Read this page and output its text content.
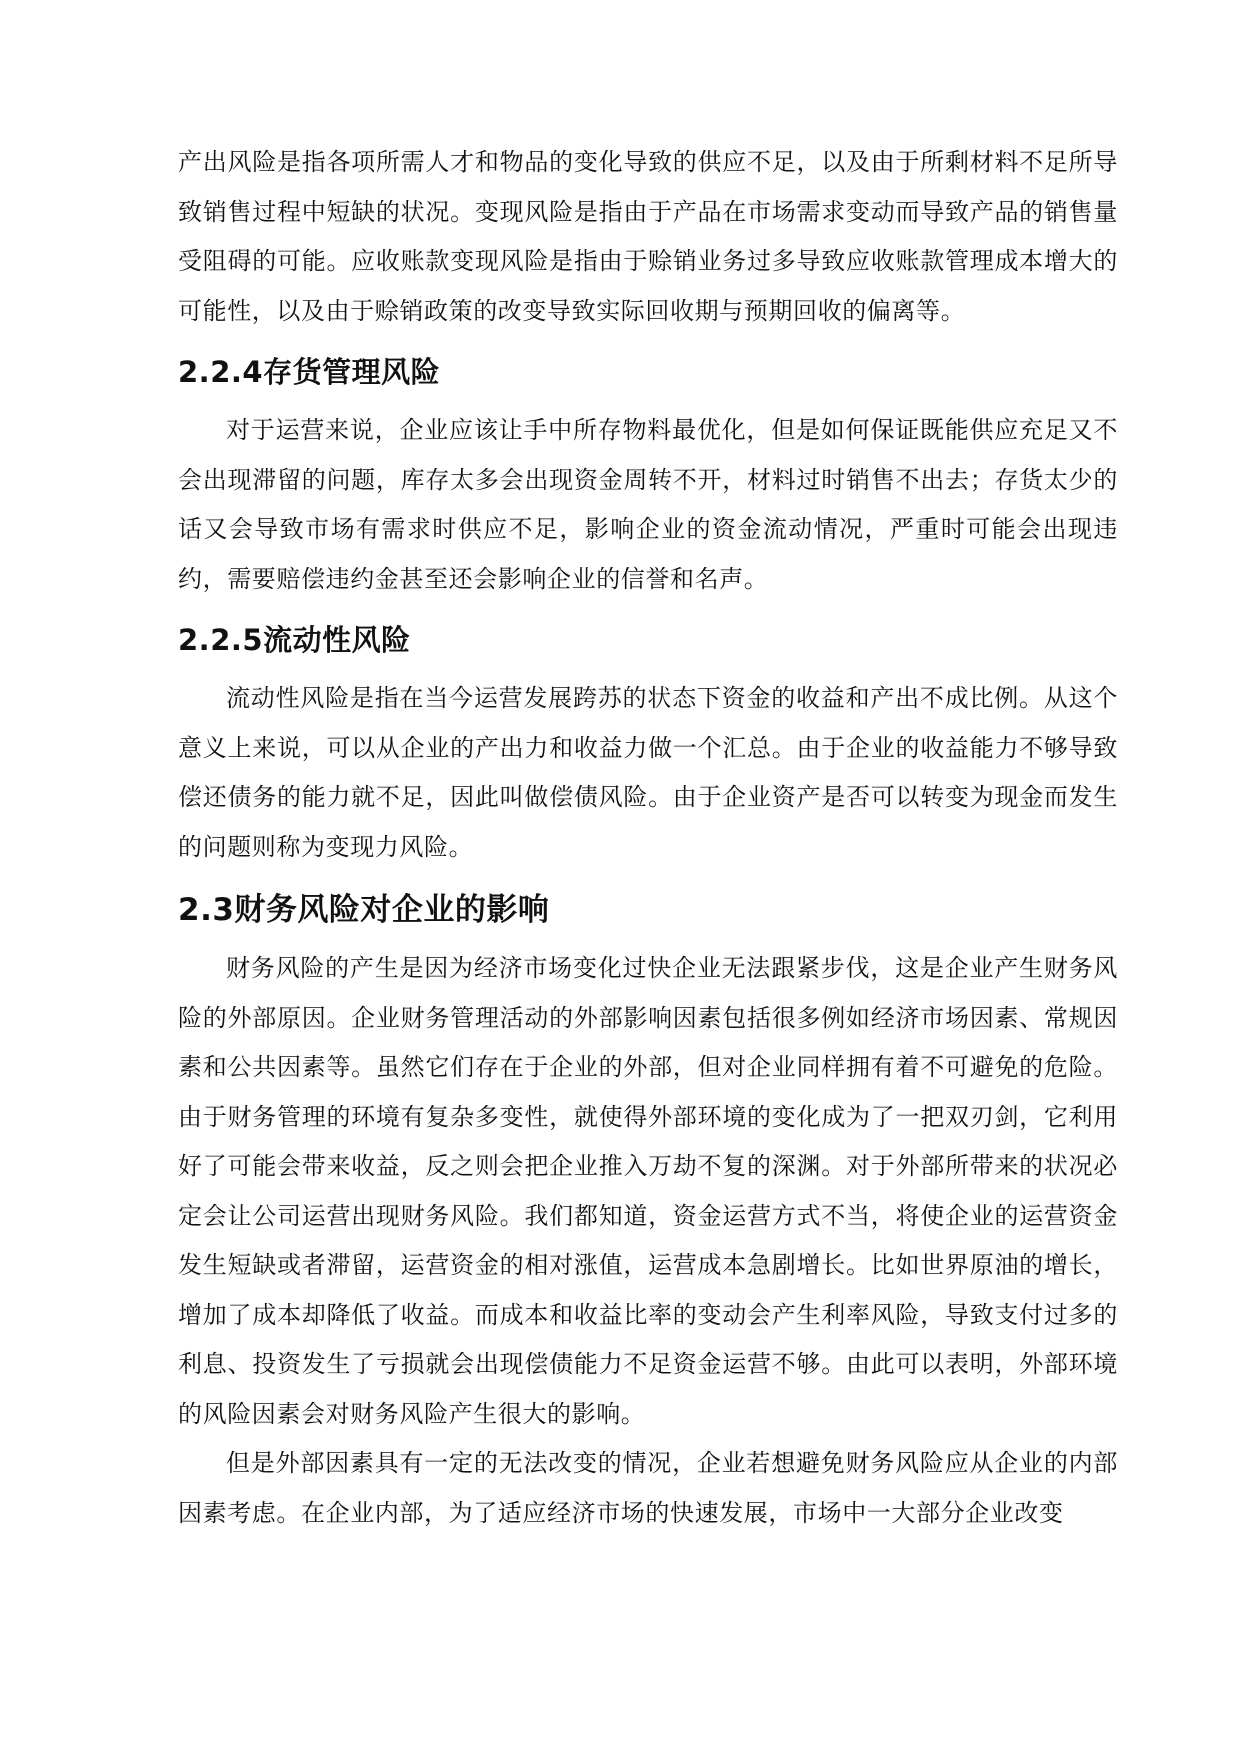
产出风险是指各项所需人才和物品的变化导致的供应不足，以及由于所剩材料不足所导致销售过程中短缺的状况。变现风险是指由于产品在市场需求变动而导致产品的销售量受阻碍的可能。应收账款变现风险是指由于赊销业务过多导致应收账款管理成本增大的可能性，以及由于赊销政策的改变导致实际回收期与预期回收的偏离等。

2.2.4存货管理风险

对于运营来说，企业应该让手中所存物料最优化，但是如何保证既能供应充足又不会出现滞留的问题，库存太多会出现资金周转不开，材料过时销售不出去；存货太少的话又会导致市场有需求时供应不足，影响企业的资金流动情况，严重时可能会出现违约，需要赔偿违约金甚至还会影响企业的信誉和名声。

2.2.5流动性风险

流动性风险是指在当今运营发展跨苏的状态下资金的收益和产出不成比例。从这个意义上来说，可以从企业的产出力和收益力做一个汇总。由于企业的收益能力不够导致偿还债务的能力就不足，因此叫做偿债风险。由于企业资产是否可以转变为现金而发生的问题则称为变现力风险。

2.3财务风险对企业的影响

财务风险的产生是因为经济市场变化过快企业无法跟紧步伐，这是企业产生财务风险的外部原因。企业财务管理活动的外部影响因素包括很多例如经济市场因素、常规因素和公共因素等。虽然它们存在于企业的外部，但对企业同样拥有着不可避免的危险。由于财务管理的环境有复杂多变性，就使得外部环境的变化成为了一把双刃剑，它利用好了可能会带来收益，反之则会把企业推入万劫不复的深渊。对于外部所带来的状况必定会让公司运营出现财务风险。我们都知道，资金运营方式不当，将使企业的运营资金发生短缺或者滞留，运营资金的相对涨值，运营成本急剧增长。比如世界原油的增长，增加了成本却降低了收益。而成本和收益比率的变动会产生利率风险，导致支付过多的利息、投资发生了亏损就会出现偿债能力不足资金运营不够。由此可以表明，外部环境的风险因素会对财务风险产生很大的影响。

但是外部因素具有一定的无法改变的情况，企业若想避免财务风险应从企业的内部因素考虑。在企业内部，为了适应经济市场的快速发展，市场中一大部分企业改变
